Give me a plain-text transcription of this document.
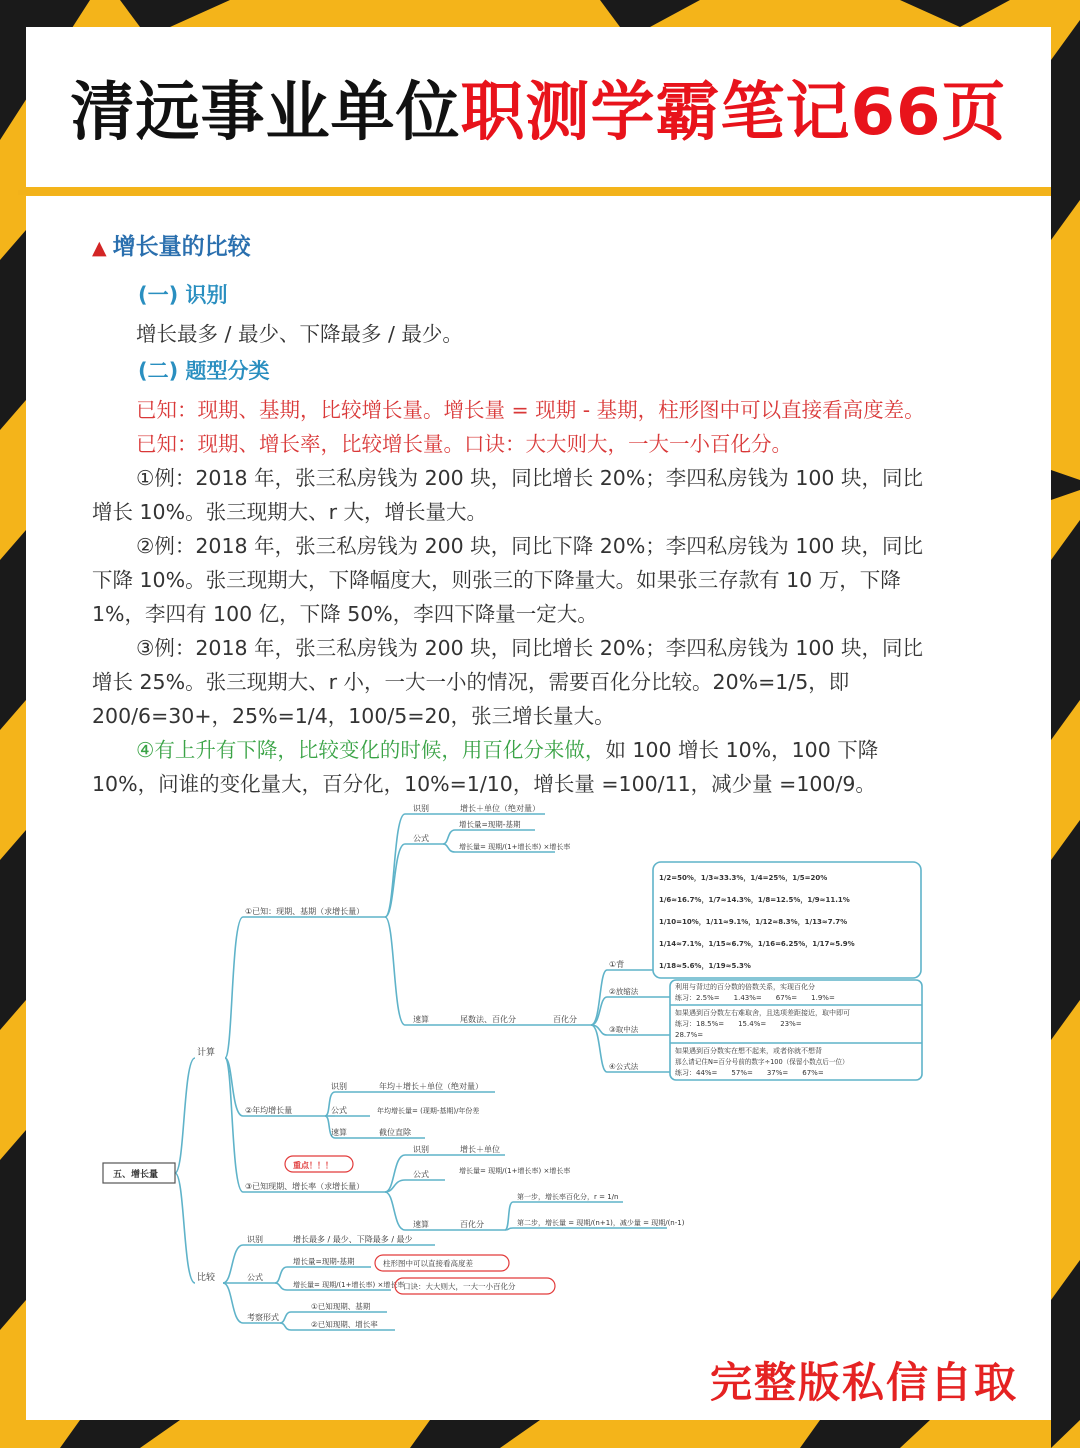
清远事业单位 职测学霸笔记66页
▲ 增长量的比较
(一) 识别

增长最多 / 最少、下降最多 / 最少。

(二) 题型分类

已知：现期、基期，比较增长量。增长量 = 现期 - 基期，柱形图中可以直接看高度差。

已知：现期、增长率，比较增长量。口诀：大大则大，一大一小百化分。

①例：2018 年，张三私房钱为 200 块，同比增长 20%；李四私房钱为 100 块，同比增长 10%。张三现期大、r 大，增长量大。

②例：2018 年，张三私房钱为 200 块，同比下降 20%；李四私房钱为 100 块，同比下降 10%。张三现期大，下降幅度大，则张三的下降量大。如果张三存款有 10 万，下降 1%，李四有 100 亿，下降 50%，李四下降量一定大。

③例：2018 年，张三私房钱为 200 块，同比增长 20%；李四私房钱为 100 块，同比增长 25%。张三现期大、r 小，一大一小的情况，需要百化分比较。20%=1/5，即 200/6=30+，25%=1/4，100/5=20，张三增长量大。

④有上升有下降，比较变化的时候，用百化分来做，如 100 增长 10%，100 下降 10%，问谁的变化量大，百分化，10%=1/10，增长量 =100/11，减少量 =100/9。

五、增长量
计算
比较
①已知：现期、基期（求增长量）
识别	增长＋单位（绝对量）
公式
增长量=现期-基期
增长量= 现期/(1+增长率) ×增长率
速算	尾数法、百化分	百化分
①背
1/2=50%，1/3≈33.3%，1/4=25%，1/5=20%
1/6≈16.7%，1/7≈14.3%，1/8=12.5%，1/9≈11.1%
1/10=10%，1/11≈9.1%，1/12≈8.3%，1/13≈7.7%
1/14≈7.1%，1/15≈6.7%，1/16=6.25%，1/17≈5.9%
1/18≈5.6%，1/19≈5.3%
②放缩法	利用与背过的百分数的倍数关系，实现百化分
练习：2.5%=　　1.43%=　　67%=　　1.9%=
③取中法
如果遇到百分数左右难取舍，且选项差距接近，取中即可
练习：18.5%=　　15.4%=　　23%=
28.7%=
④公式法
如果遇到百分数实在想不起来，或者你就不想背
那么请记住N=百分号前的数字÷100（保留小数点后一位）
练习：44%=　　57%=　　37%=　　67%=
②年均增长量
识别	年均＋增长＋单位（绝对量）
公式	年均增长量= (现期-基期)/年份差
速算	截位直除
重点！！！
③已知现期、增长率（求增长量）
识别	增长＋单位
公式	增长量= 现期/(1+增长率) ×增长率
速算	百化分
第一步，增长率百化分，r = 1/n
第二步，增长量 = 现期/(n+1)，减少量 = 现期/(n-1)
识别	增长最多 / 最少、下降最多 / 最少
公式
增长量=现期-基期	柱形图中可以直接看高度差
增长量= 现期/(1+增长率) ×增长率
口诀：大大则大，一大一小百化分
考察形式
①已知现期、基期
②已知现期、增长率
完整版私信自取
